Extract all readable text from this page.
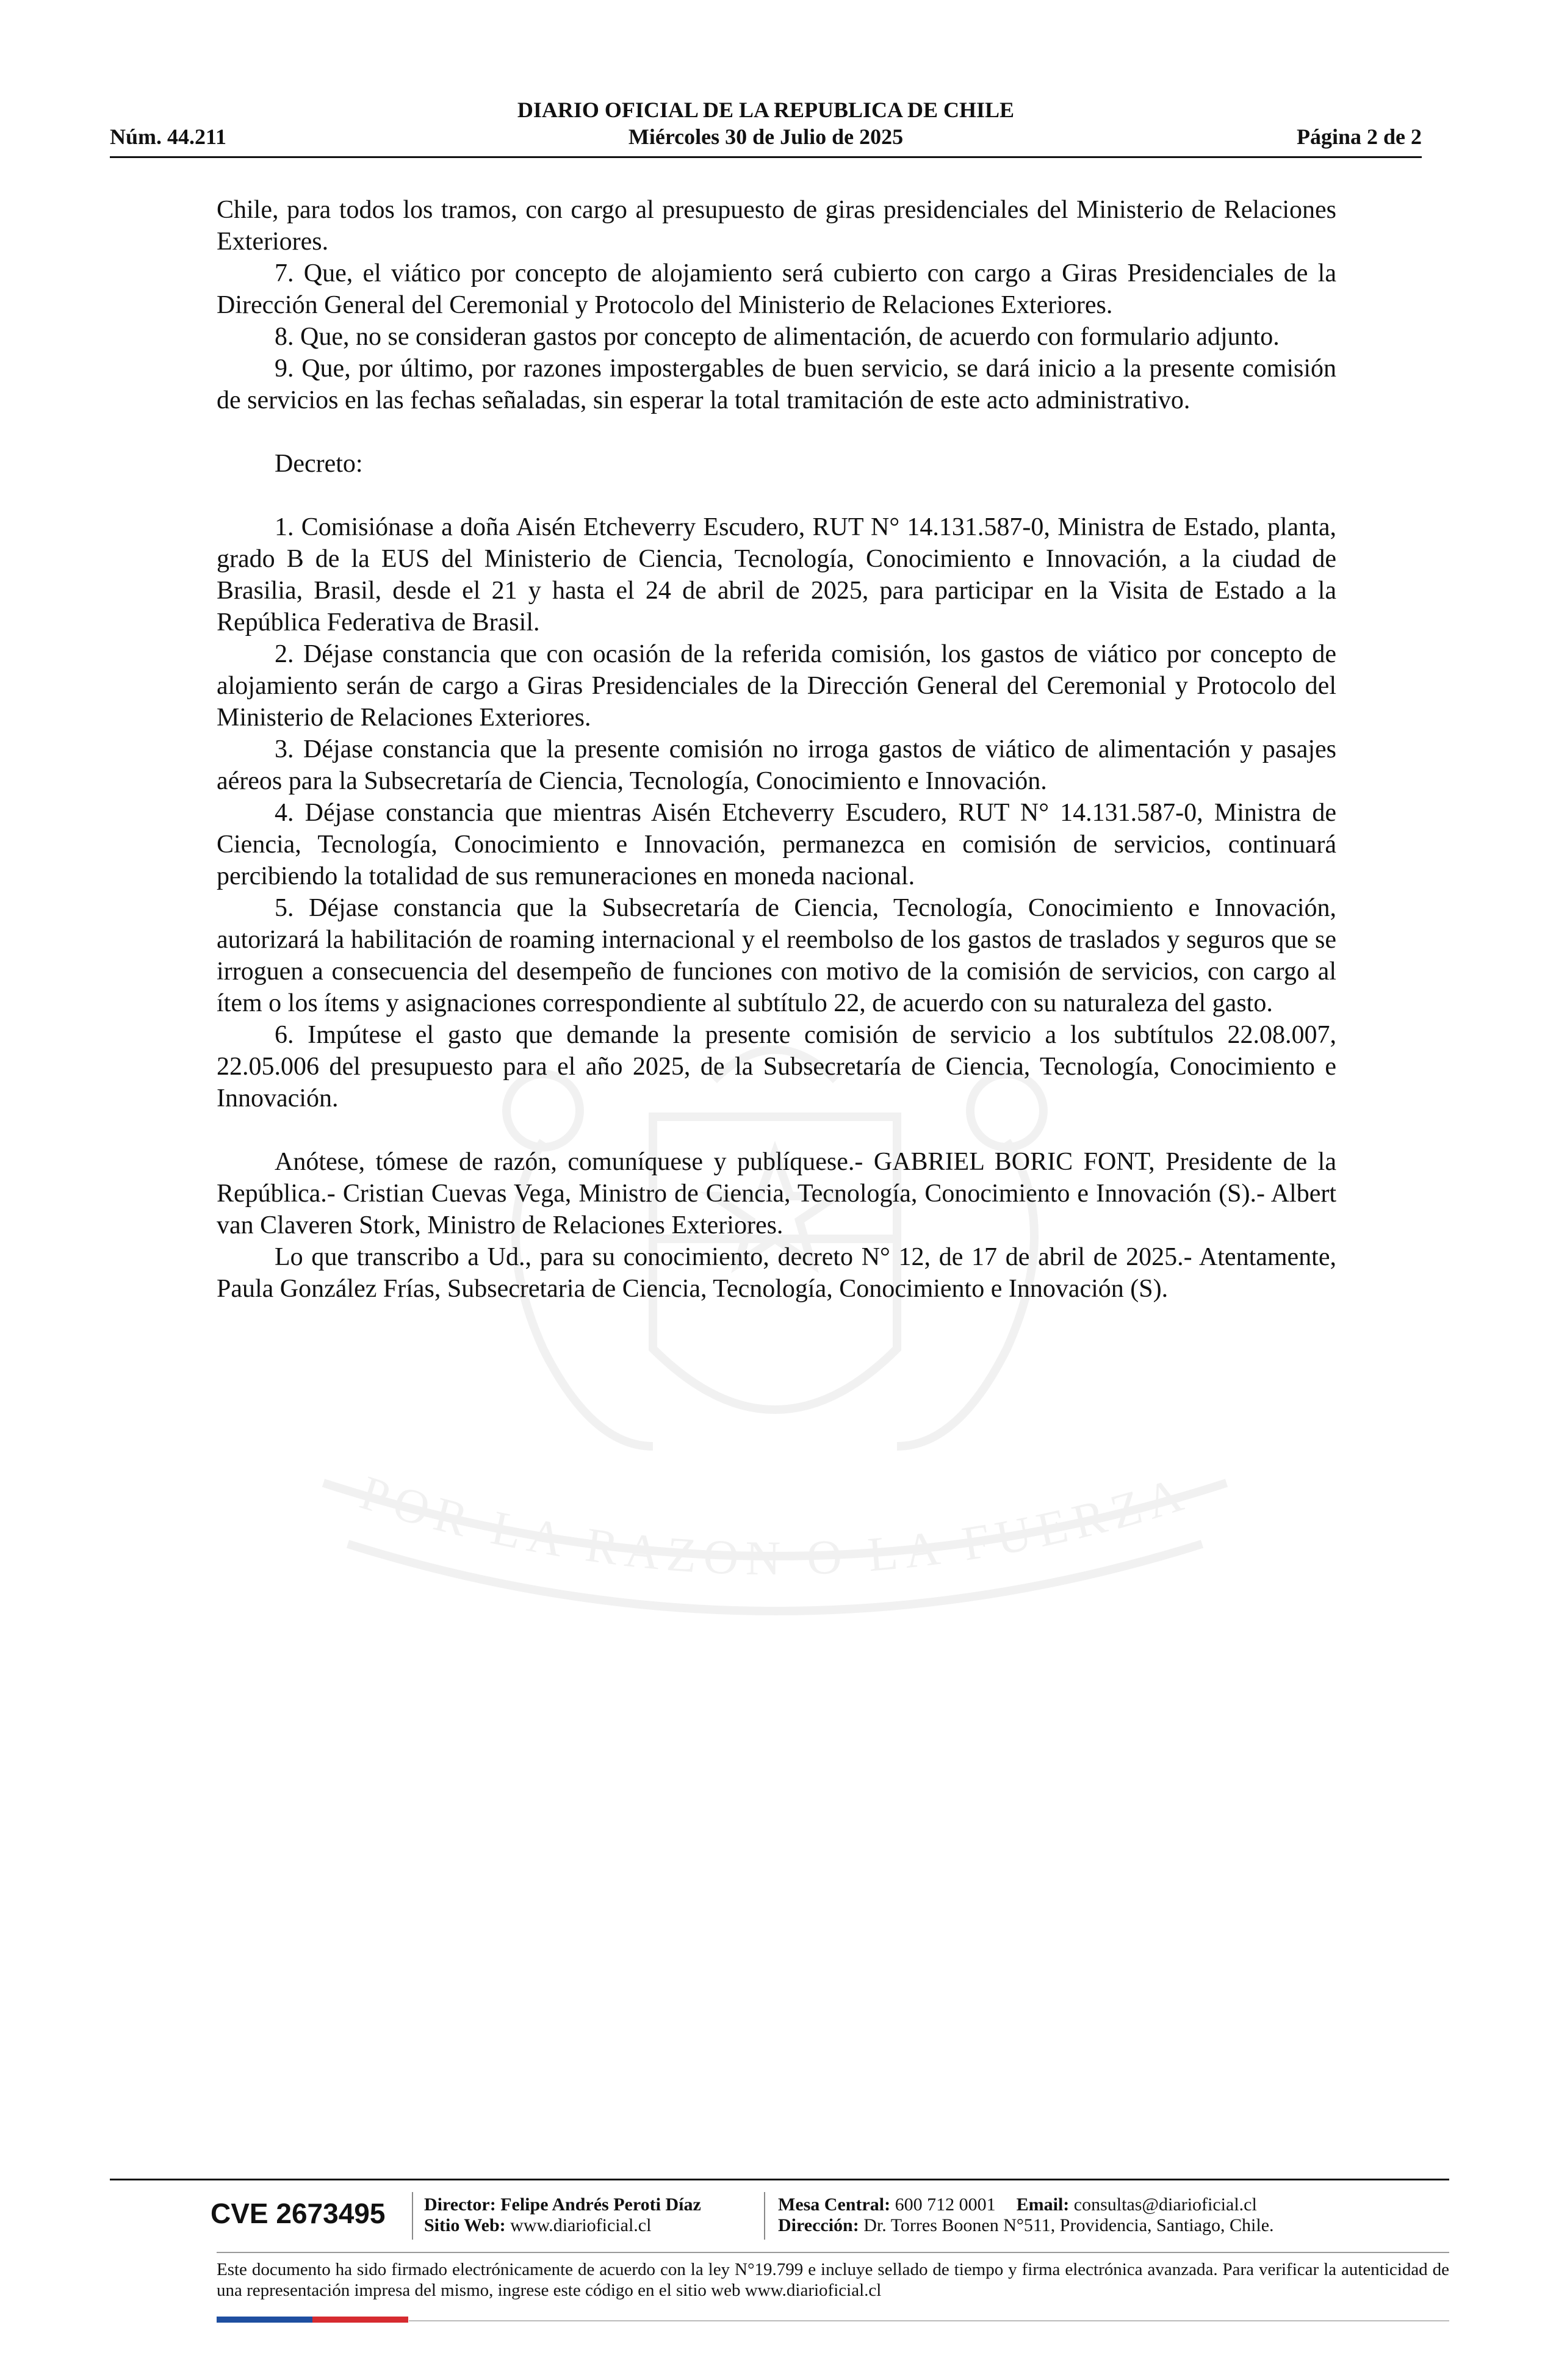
POR LA RAZON O LA FUERZA
DIARIO OFICIAL DE LA REPUBLICA DE CHILE
Núm. 44.211	Miércoles 30 de Julio de 2025	Página 2 de 2

Chile, para todos los tramos, con cargo al presupuesto de giras presidenciales del Ministerio de Relaciones Exteriores.

7. Que, el viático por concepto de alojamiento será cubierto con cargo a Giras Presidenciales de la Dirección General del Ceremonial y Protocolo del Ministerio de Relaciones Exteriores.

8. Que, no se consideran gastos por concepto de alimentación, de acuerdo con formulario adjunto.

9. Que, por último, por razones impostergables de buen servicio, se dará inicio a la presente comisión de servicios en las fechas señaladas, sin esperar la total tramitación de este acto administrativo.

Decreto:

1. Comisiónase a doña Aisén Etcheverry Escudero, RUT N° 14.131.587-0, Ministra de Estado, planta, grado B de la EUS del Ministerio de Ciencia, Tecnología, Conocimiento e Innovación, a la ciudad de Brasilia, Brasil, desde el 21 y hasta el 24 de abril de 2025, para participar en la Visita de Estado a la República Federativa de Brasil.

2. Déjase constancia que con ocasión de la referida comisión, los gastos de viático por concepto de alojamiento serán de cargo a Giras Presidenciales de la Dirección General del Ceremonial y Protocolo del Ministerio de Relaciones Exteriores.

3. Déjase constancia que la presente comisión no irroga gastos de viático de alimentación y pasajes aéreos para la Subsecretaría de Ciencia, Tecnología, Conocimiento e Innovación.

4. Déjase constancia que mientras Aisén Etcheverry Escudero, RUT N° 14.131.587-0, Ministra de Ciencia, Tecnología, Conocimiento e Innovación, permanezca en comisión de servicios, continuará percibiendo la totalidad de sus remuneraciones en moneda nacional.

5. Déjase constancia que la Subsecretaría de Ciencia, Tecnología, Conocimiento e Innovación, autorizará la habilitación de roaming internacional y el reembolso de los gastos de traslados y seguros que se irroguen a consecuencia del desempeño de funciones con motivo de la comisión de servicios, con cargo al ítem o los ítems y asignaciones correspondiente al subtítulo 22, de acuerdo con su naturaleza del gasto.

6. Impútese el gasto que demande la presente comisión de servicio a los subtítulos 22.08.007, 22.05.006 del presupuesto para el año 2025, de la Subsecretaría de Ciencia, Tecnología, Conocimiento e Innovación.

Anótese, tómese de razón, comuníquese y publíquese.- GABRIEL BORIC FONT, Presidente de la República.- Cristian Cuevas Vega, Ministro de Ciencia, Tecnología, Conocimiento e Innovación (S).- Albert van Claveren Stork, Ministro de Relaciones Exteriores.

Lo que transcribo a Ud., para su conocimiento, decreto N° 12, de 17 de abril de 2025.- Atentamente, Paula González Frías, Subsecretaria de Ciencia, Tecnología, Conocimiento e Innovación (S).

CVE 2673495 Director: Felipe Andrés Peroti Díaz
Sitio Web: www.diarioficial.cl
Mesa Central: 600 712 0001 Email: consultas@diarioficial.cl
Dirección: Dr. Torres Boonen N°511, Providencia, Santiago, Chile.
Este documento ha sido firmado electrónicamente de acuerdo con la ley N°19.799 e incluye sellado de tiempo y firma electrónica avanzada. Para verificar la autenticidad de una representación impresa del mismo, ingrese este código en el sitio web www.diarioficial.cl
